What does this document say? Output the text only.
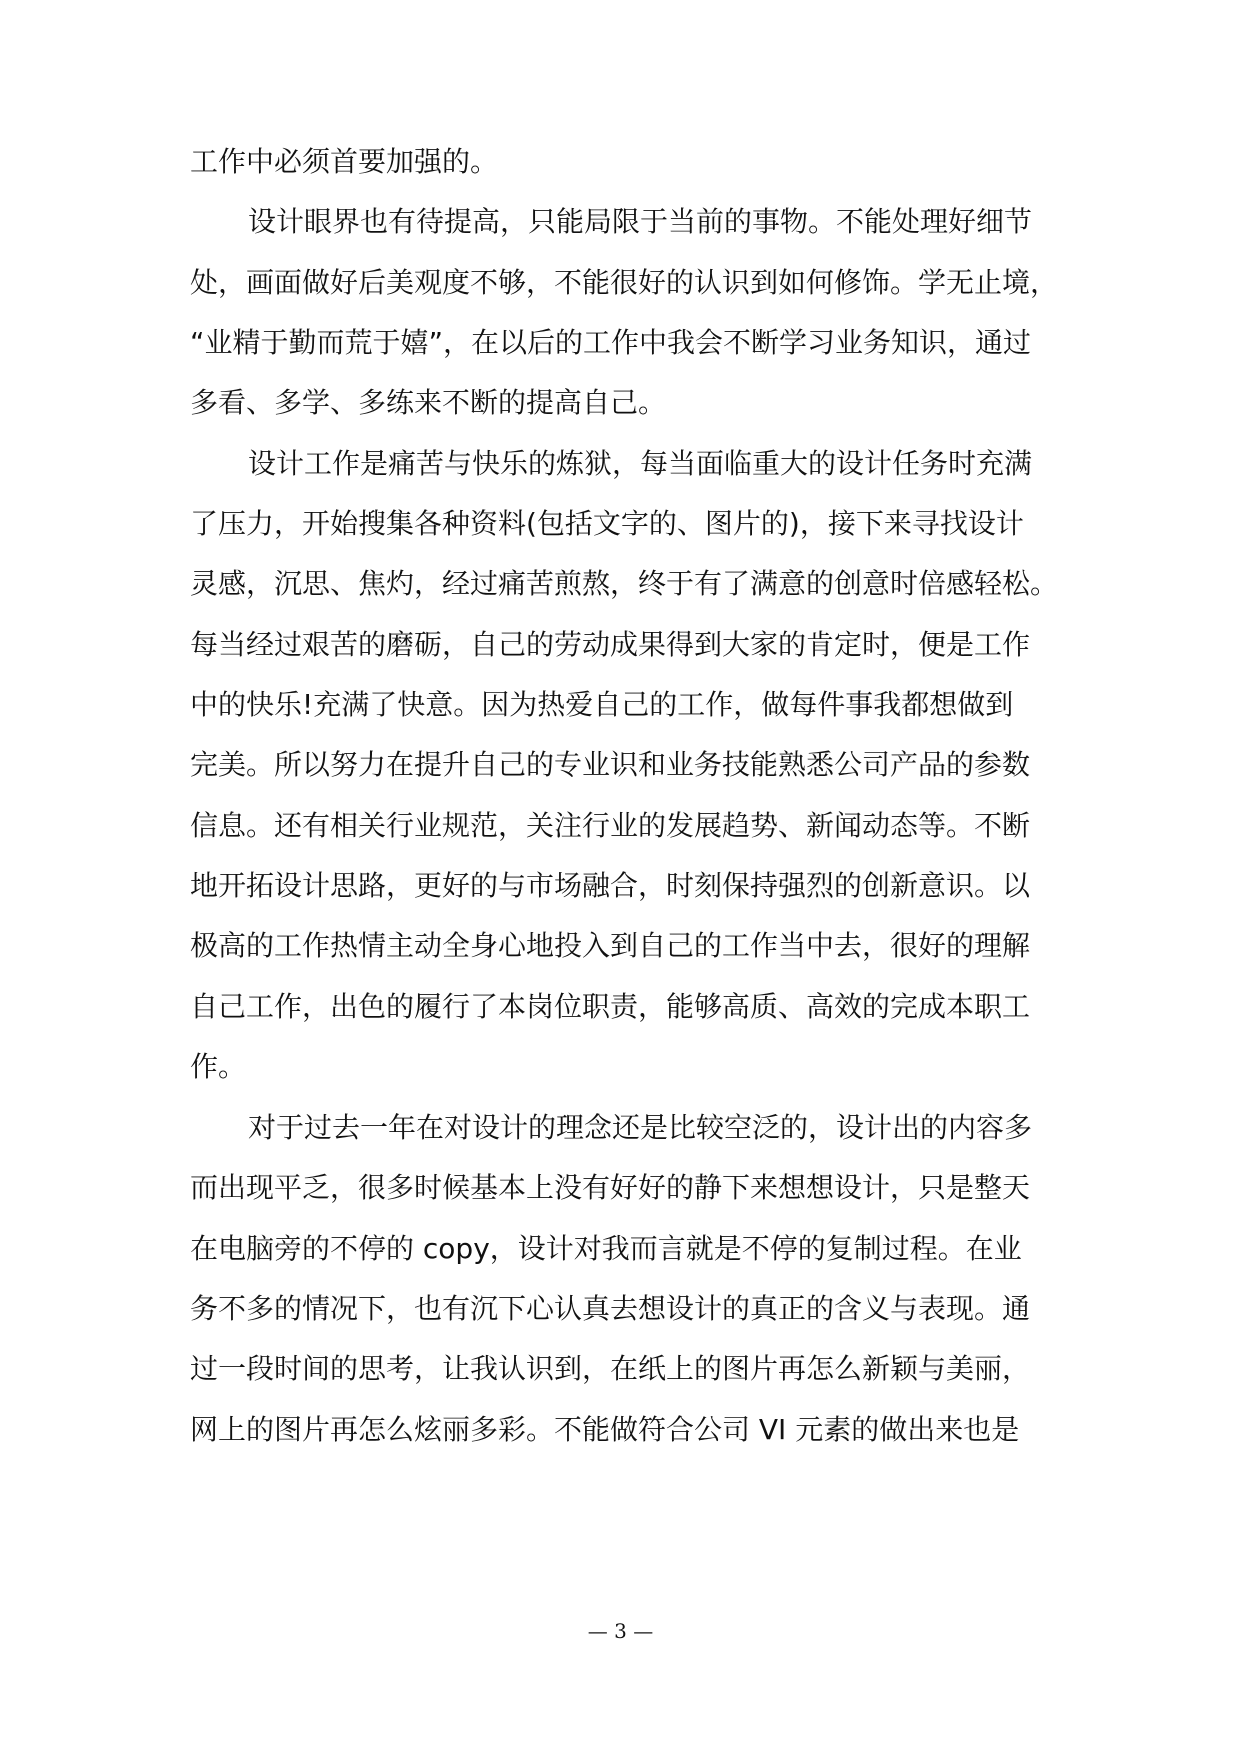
工作中必须首要加强的。
设计眼界也有待提高，只能局限于当前的事物。不能处理好细节
处，画面做好后美观度不够，不能很好的认识到如何修饰。学无止境，
“业精于勤而荒于嬉”，在以后的工作中我会不断学习业务知识，通过
多看、多学、多练来不断的提高自己。
设计工作是痛苦与快乐的炼狱，每当面临重大的设计任务时充满
了压力，开始搜集各种资料(包括文字的、图片的)，接下来寻找设计
灵感，沉思、焦灼，经过痛苦煎熬，终于有了满意的创意时倍感轻松。
每当经过艰苦的磨砺，自己的劳动成果得到大家的肯定时，便是工作
中的快乐!充满了快意。因为热爱自己的工作，做每件事我都想做到
完美。所以努力在提升自己的专业识和业务技能熟悉公司产品的参数
信息。还有相关行业规范，关注行业的发展趋势、新闻动态等。不断
地开拓设计思路，更好的与市场融合，时刻保持强烈的创新意识。以
极高的工作热情主动全身心地投入到自己的工作当中去，很好的理解
自己工作，出色的履行了本岗位职责，能够高质、高效的完成本职工
作。
对于过去一年在对设计的理念还是比较空泛的，设计出的内容多
而出现平乏，很多时候基本上没有好好的静下来想想设计，只是整天
在电脑旁的不停的 copy，设计对我而言就是不停的复制过程。在业
务不多的情况下，也有沉下心认真去想设计的真正的含义与表现。通
过一段时间的思考，让我认识到，在纸上的图片再怎么新颖与美丽，
网上的图片再怎么炫丽多彩。不能做符合公司 VI 元素的做出来也是
— 3 —
